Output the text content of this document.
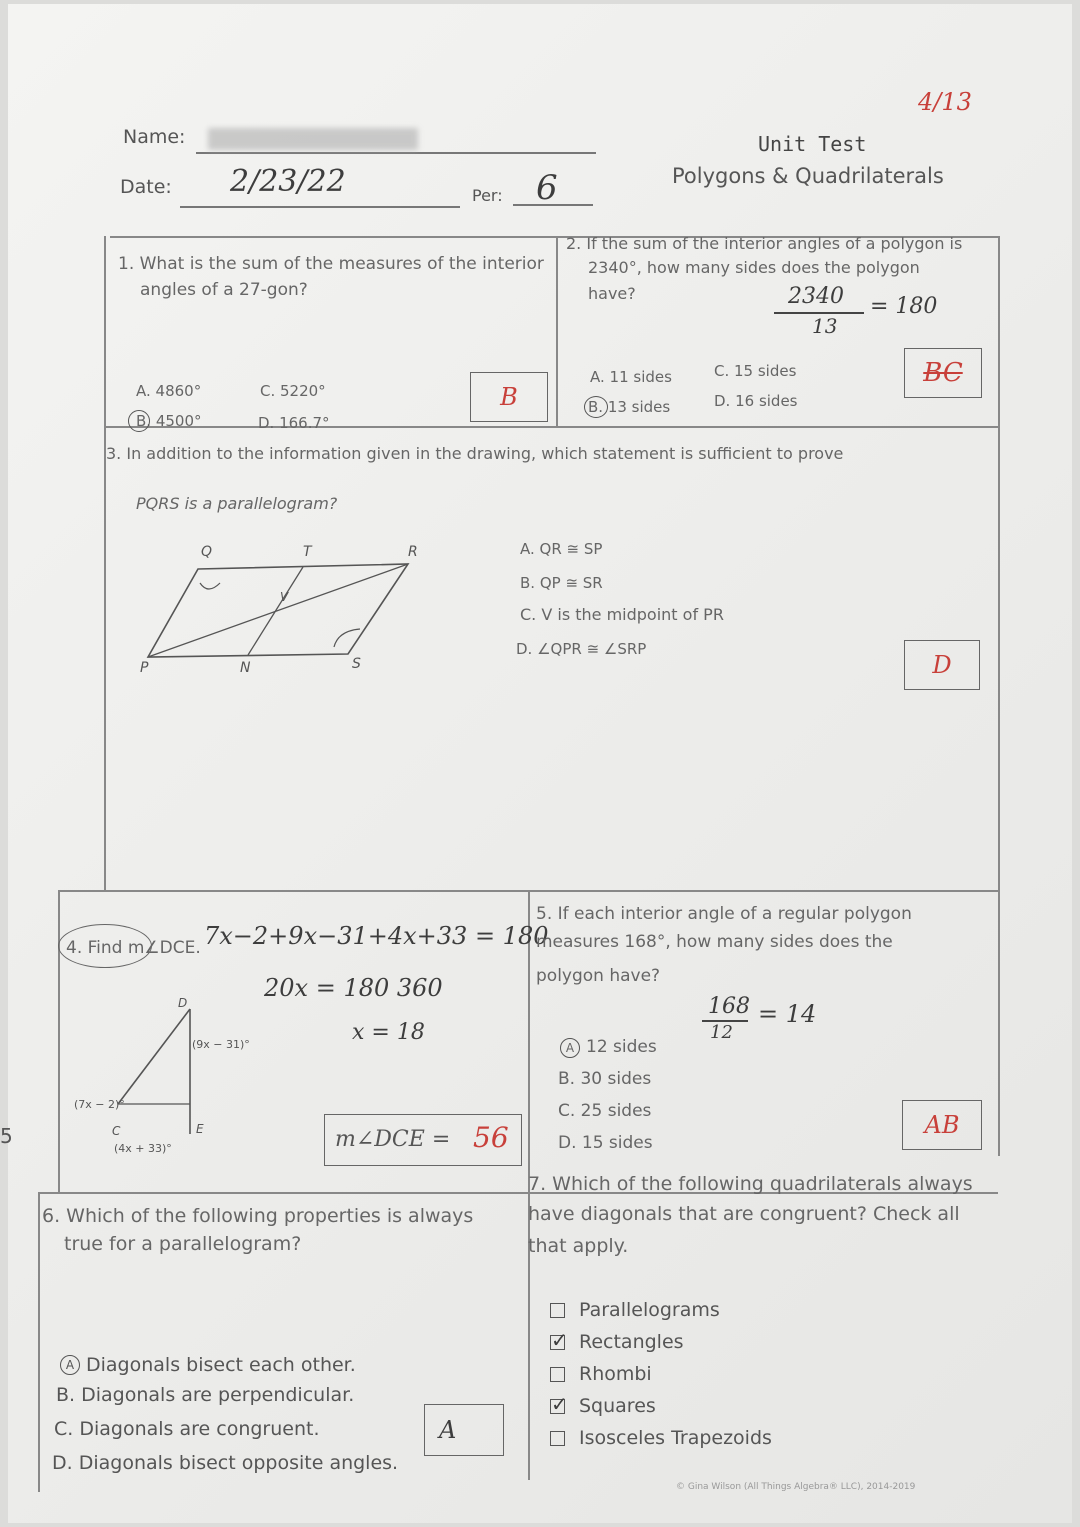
Name:
Date: 2/23/22	Per: 6
4/13
Unit Test
Polygons & Quadrilaterals
1. What is the sum of the measures of the interior
angles of a 27-gon?
A. 4860°
B. 4500°
C. 5220°
D. 166.7°
B
2. If the sum of the interior angles of a polygon is
2340°, how many sides does the polygon
have?	2340
13
= 180
A. 11 sides
B. 13 sides
C. 15 sides
D. 16 sides
BC
3. In addition to the information given in the drawing, which statement is sufficient to prove
PQRS is a parallelogram?
Q	T	R
P	N
V
S
A. QR ≅ SP
B. QP ≅ SR
C. V is the midpoint of PR
D. ∠QPR ≅ ∠SRP
D
4. Find m∠DCE. 7x−2+9x−31+4x+33 = 180
20x = 180 360
x = 18
D
C	E
(9x − 31)°
(7x − 2)°
(4x + 33)°	m∠DCE = 56
5. If each interior angle of a regular polygon
measures 168°, how many sides does the
polygon have?
168
12
= 14
A 12 sides
B. 30 sides
C. 25 sides
D. 15 sides
AB
6. Which of the following properties is always
true for a parallelogram?
A Diagonals bisect each other.
B. Diagonals are perpendicular.
C. Diagonals are congruent.
D. Diagonals bisect opposite angles.
A
7. Which of the following quadrilaterals always
have diagonals that are congruent? Check all
that apply.
Parallelograms
✓ Rectangles
Rhombi
✓ Squares
Isosceles Trapezoids
© Gina Wilson (All Things Algebra® LLC), 2014-2019
5
